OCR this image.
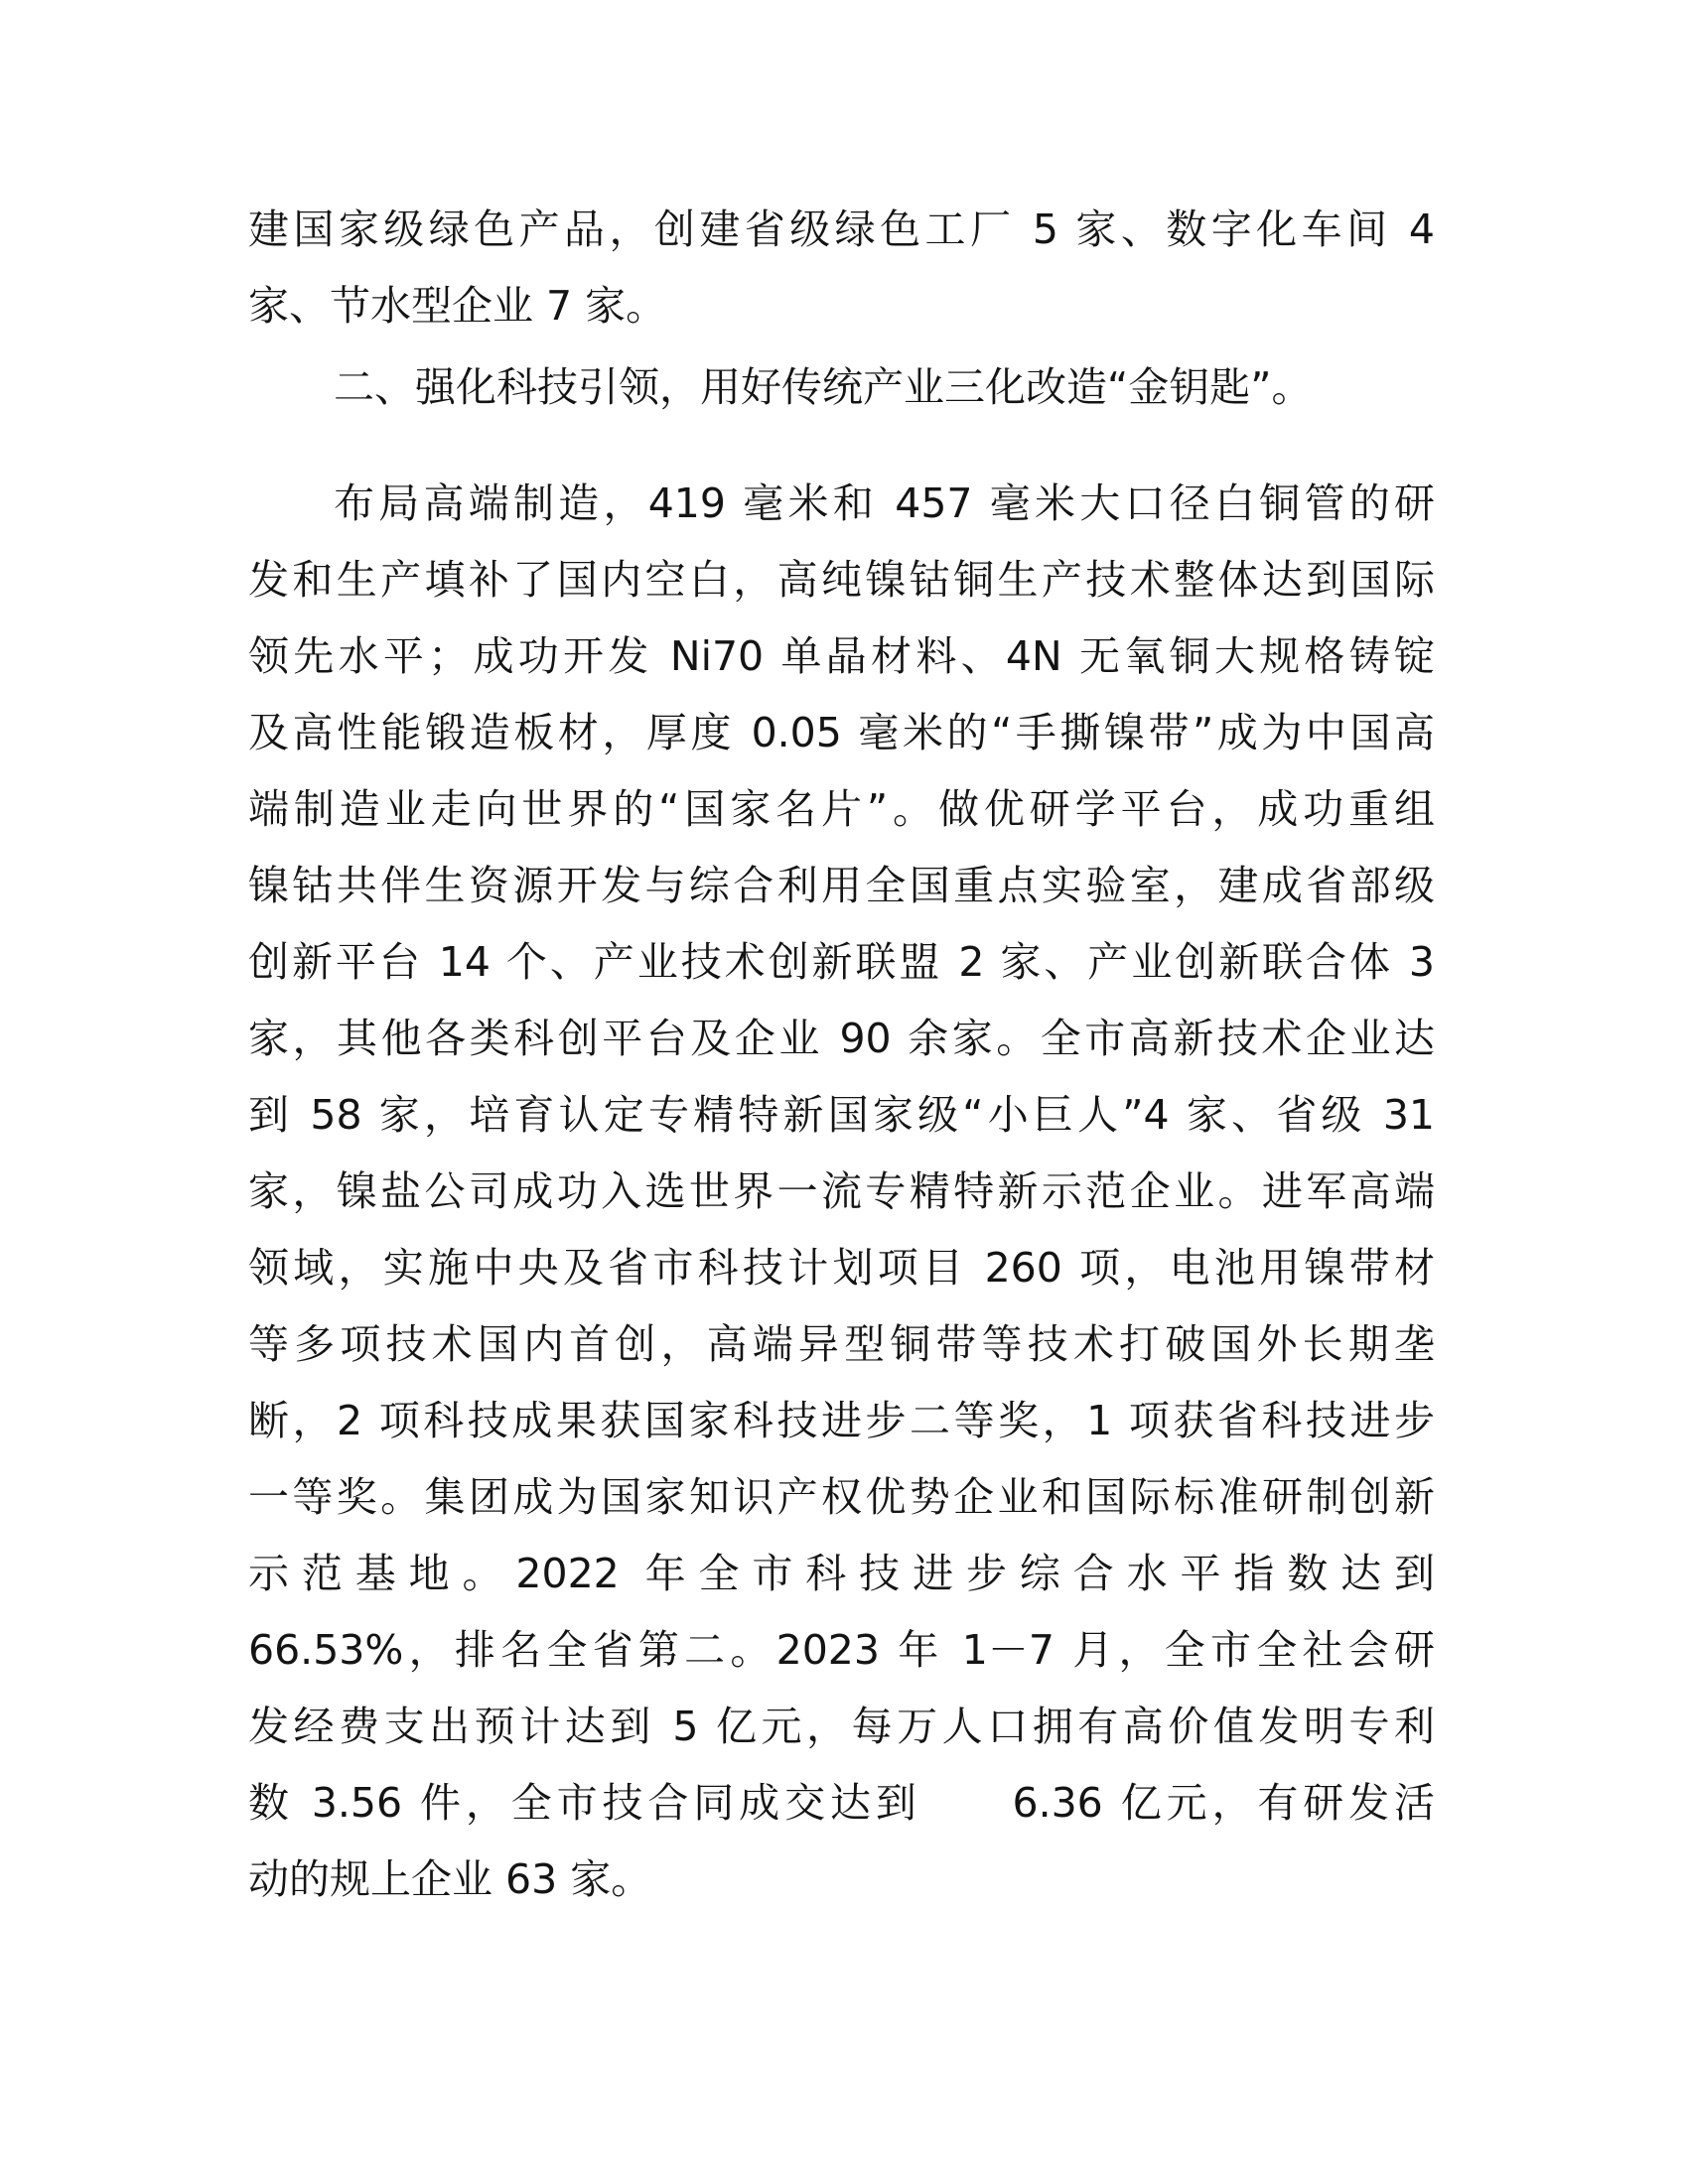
建国家级绿色产品，创建省级绿色工厂 5 家、数字化车间 4

家、节水型企业 7 家。

二、强化科技引领，用好传统产业三化改造“金钥匙”。

布局高端制造，419 毫米和 457 毫米大口径白铜管的研

发和生产填补了国内空白，高纯镍钴铜生产技术整体达到国际

领先水平；成功开发 Ni70 单晶材料、4N 无氧铜大规格铸锭

及高性能锻造板材，厚度 0.05 毫米的“手撕镍带”成为中国高

端制造业走向世界的“国家名片”。做优研学平台，成功重组

镍钴共伴生资源开发与综合利用全国重点实验室，建成省部级

创新平台 14 个、产业技术创新联盟 2 家、产业创新联合体 3

家，其他各类科创平台及企业 90 余家。全市高新技术企业达

到 58 家，培育认定专精特新国家级“小巨人”4 家、省级 31

家，镍盐公司成功入选世界一流专精特新示范企业。进军高端

领域，实施中央及省市科技计划项目 260 项，电池用镍带材

等多项技术国内首创，高端异型铜带等技术打破国外长期垄

断，2 项科技成果获国家科技进步二等奖，1 项获省科技进步

一等奖。集团成为国家知识产权优势企业和国际标准研制创新

示范基地。2022 年全市科技进步综合水平指数达到

66.53%，排名全省第二。2023 年 1－7 月，全市全社会研

发经费支出预计达到 5 亿元，每万人口拥有高价值发明专利

数 3.56 件，全市技合同成交达到　　6.36 亿元，有研发活

动的规上企业 63 家。
